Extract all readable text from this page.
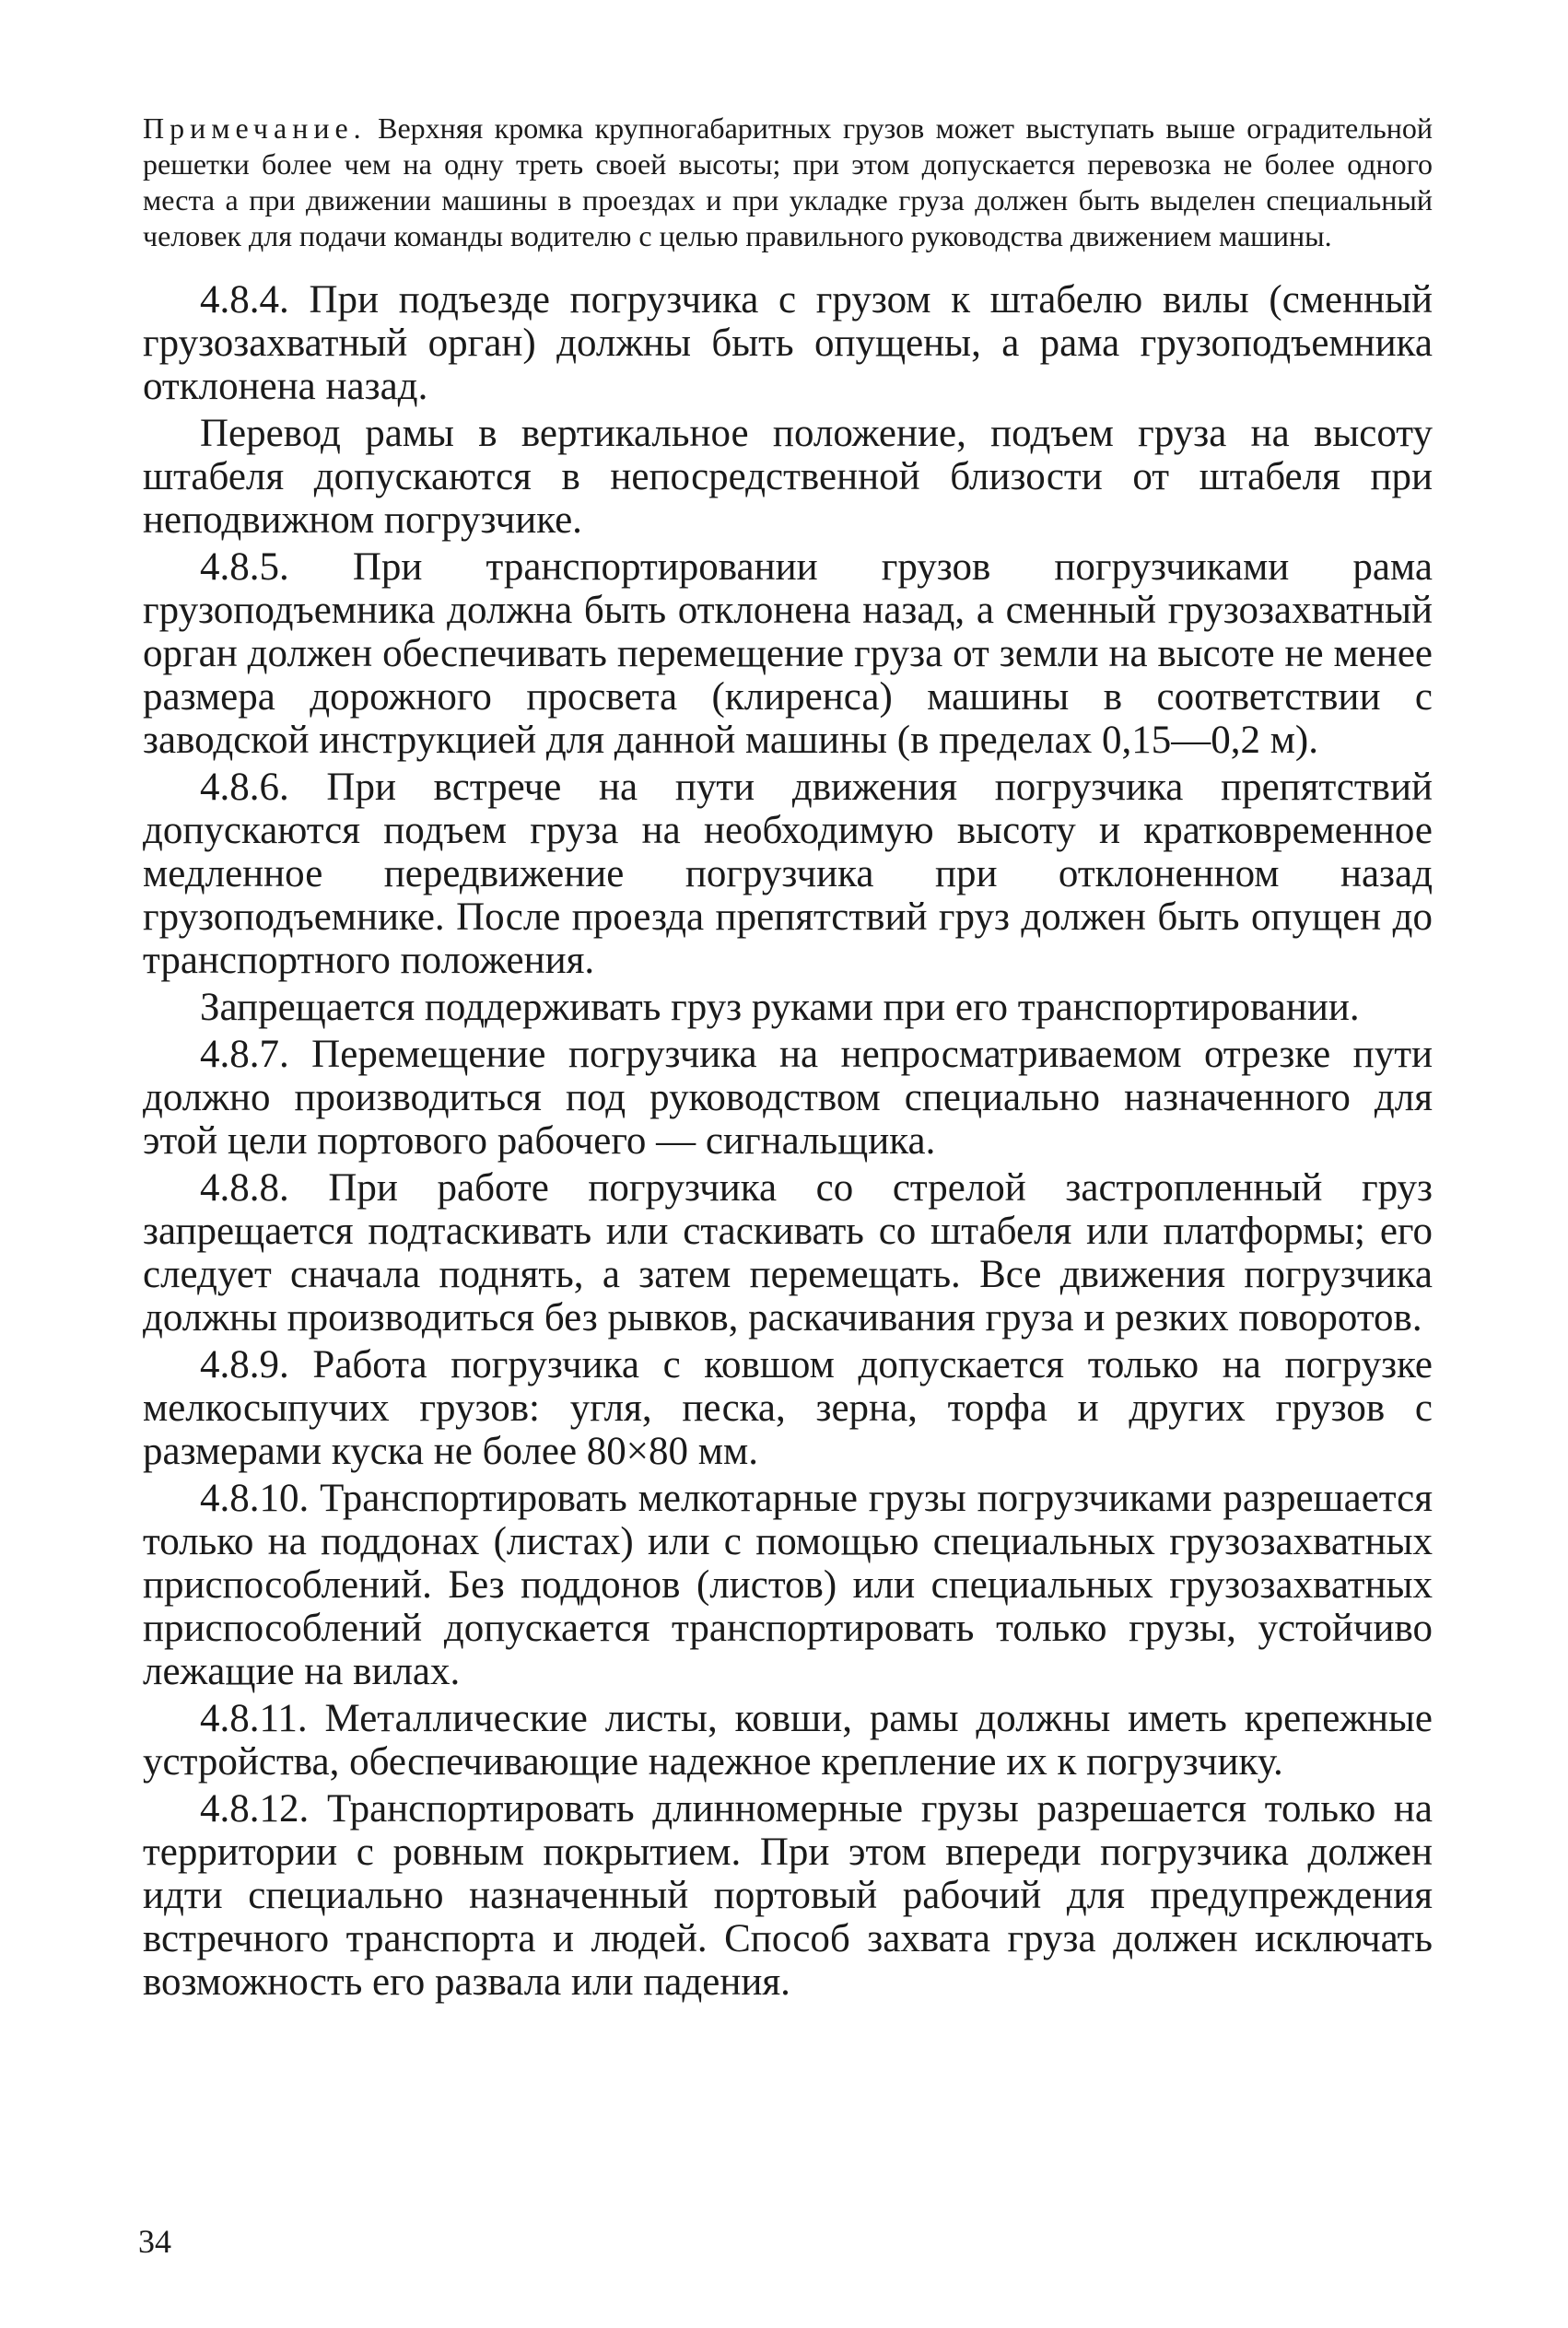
Примечание. Верхняя кромка крупногабаритных грузов может выступать выше оградительной решетки более чем на одну треть своей высоты; при этом допускается перевозка не более одного места а при движении машины в проездах и при укладке груза должен быть выделен специальный человек для подачи команды водителю с целью правильного руководства движением машины.

4.8.4. При подъезде погрузчика с грузом к штабелю вилы (сменный грузозахватный орган) должны быть опущены, а рама грузоподъемника отклонена назад.

Перевод рамы в вертикальное положение, подъем груза на высоту штабеля допускаются в непосредственной близости от штабеля при неподвижном погрузчике.

4.8.5. При транспортировании грузов погрузчиками рама грузоподъемника должна быть отклонена назад, а сменный грузозахватный орган должен обеспечивать перемещение груза от земли на высоте не менее размера дорожного просвета (клиренса) машины в соответствии с заводской инструкцией для данной машины (в пределах 0,15—0,2 м).

4.8.6. При встрече на пути движения погрузчика препятствий допускаются подъем груза на необходимую высоту и кратковременное медленное передвижение погрузчика при отклоненном назад грузоподъемнике. После проезда препятствий груз должен быть опущен до транспортного положения.

Запрещается поддерживать груз руками при его транспортировании.

4.8.7. Перемещение погрузчика на непросматриваемом отрезке пути должно производиться под руководством специально назначенного для этой цели портового рабочего — сигнальщика.

4.8.8. При работе погрузчика со стрелой застропленный груз запрещается подтаскивать или стаскивать со штабеля или платформы; его следует сначала поднять, а затем перемещать. Все движения погрузчика должны производиться без рывков, раскачивания груза и резких поворотов.

4.8.9. Работа погрузчика с ковшом допускается только на погрузке мелкосыпучих грузов: угля, песка, зерна, торфа и других грузов с размерами куска не более 80×80 мм.

4.8.10. Транспортировать мелкотарные грузы погрузчиками разрешается только на поддонах (листах) или с помощью специальных грузозахватных приспособлений. Без поддонов (листов) или специальных грузозахватных приспособлений допускается транспортировать только грузы, устойчиво лежащие на вилах.

4.8.11. Металлические листы, ковши, рамы должны иметь крепежные устройства, обеспечивающие надежное крепление их к погрузчику.

4.8.12. Транспортировать длинномерные грузы разрешается только на территории с ровным покрытием. При этом впереди погрузчика должен идти специально назначенный портовый рабочий для предупреждения встречного транспорта и людей. Способ захвата груза должен исключать возможность его развала или падения.

34
